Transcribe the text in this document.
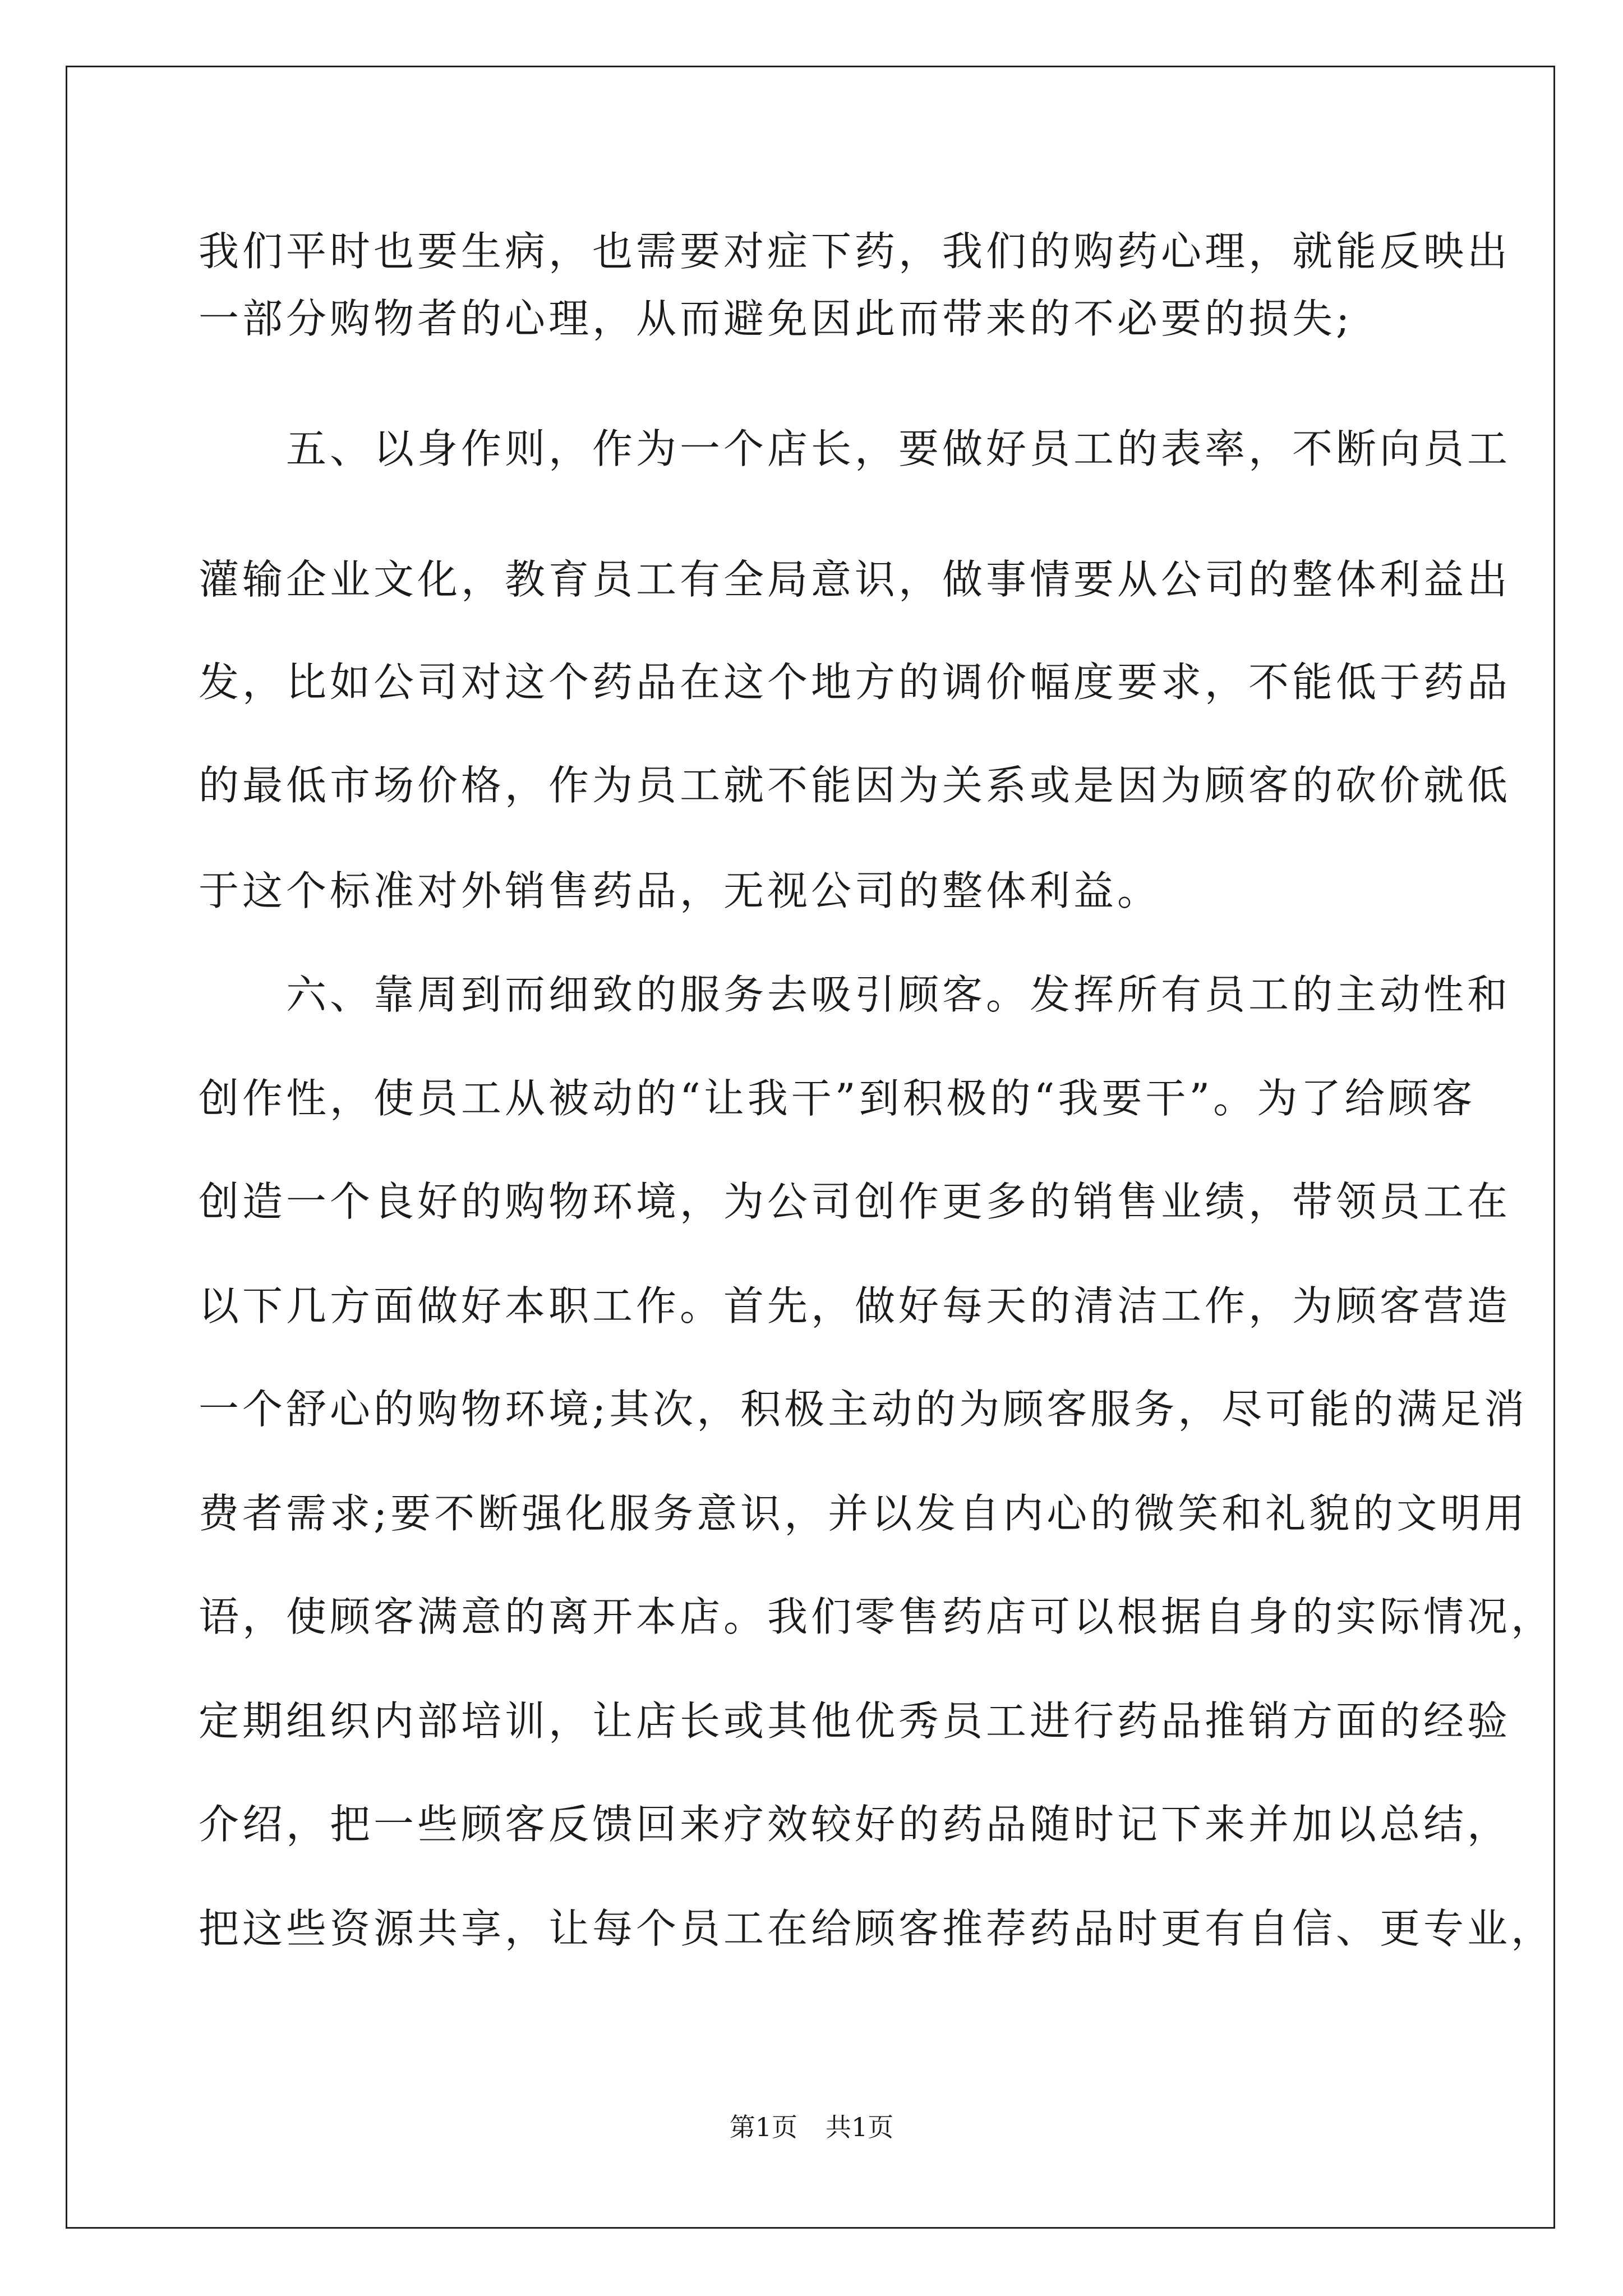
我们平时也要生病，也需要对症下药，我们的购药心理，就能反映出
一部分购物者的心理，从而避免因此而带来的不必要的损失;
　　五、以身作则，作为一个店长，要做好员工的表率，不断向员工
灌输企业文化，教育员工有全局意识，做事情要从公司的整体利益出
发，比如公司对这个药品在这个地方的调价幅度要求，不能低于药品
的最低市场价格，作为员工就不能因为关系或是因为顾客的砍价就低
于这个标准对外销售药品，无视公司的整体利益。
　　六、靠周到而细致的服务去吸引顾客。发挥所有员工的主动性和
创作性，使员工从被动的“让我干”到积极的“我要干”。为了给顾客
创造一个良好的购物环境，为公司创作更多的销售业绩，带领员工在
以下几方面做好本职工作。首先，做好每天的清洁工作，为顾客营造
一个舒心的购物环境;其次，积极主动的为顾客服务，尽可能的满足消
费者需求;要不断强化服务意识，并以发自内心的微笑和礼貌的文明用
语，使顾客满意的离开本店。我们零售药店可以根据自身的实际情况，
定期组织内部培训，让店长或其他优秀员工进行药品推销方面的经验
介绍，把一些顾客反馈回来疗效较好的药品随时记下来并加以总结，
把这些资源共享，让每个员工在给顾客推荐药品时更有自信、更专业，
第1页 共1页
